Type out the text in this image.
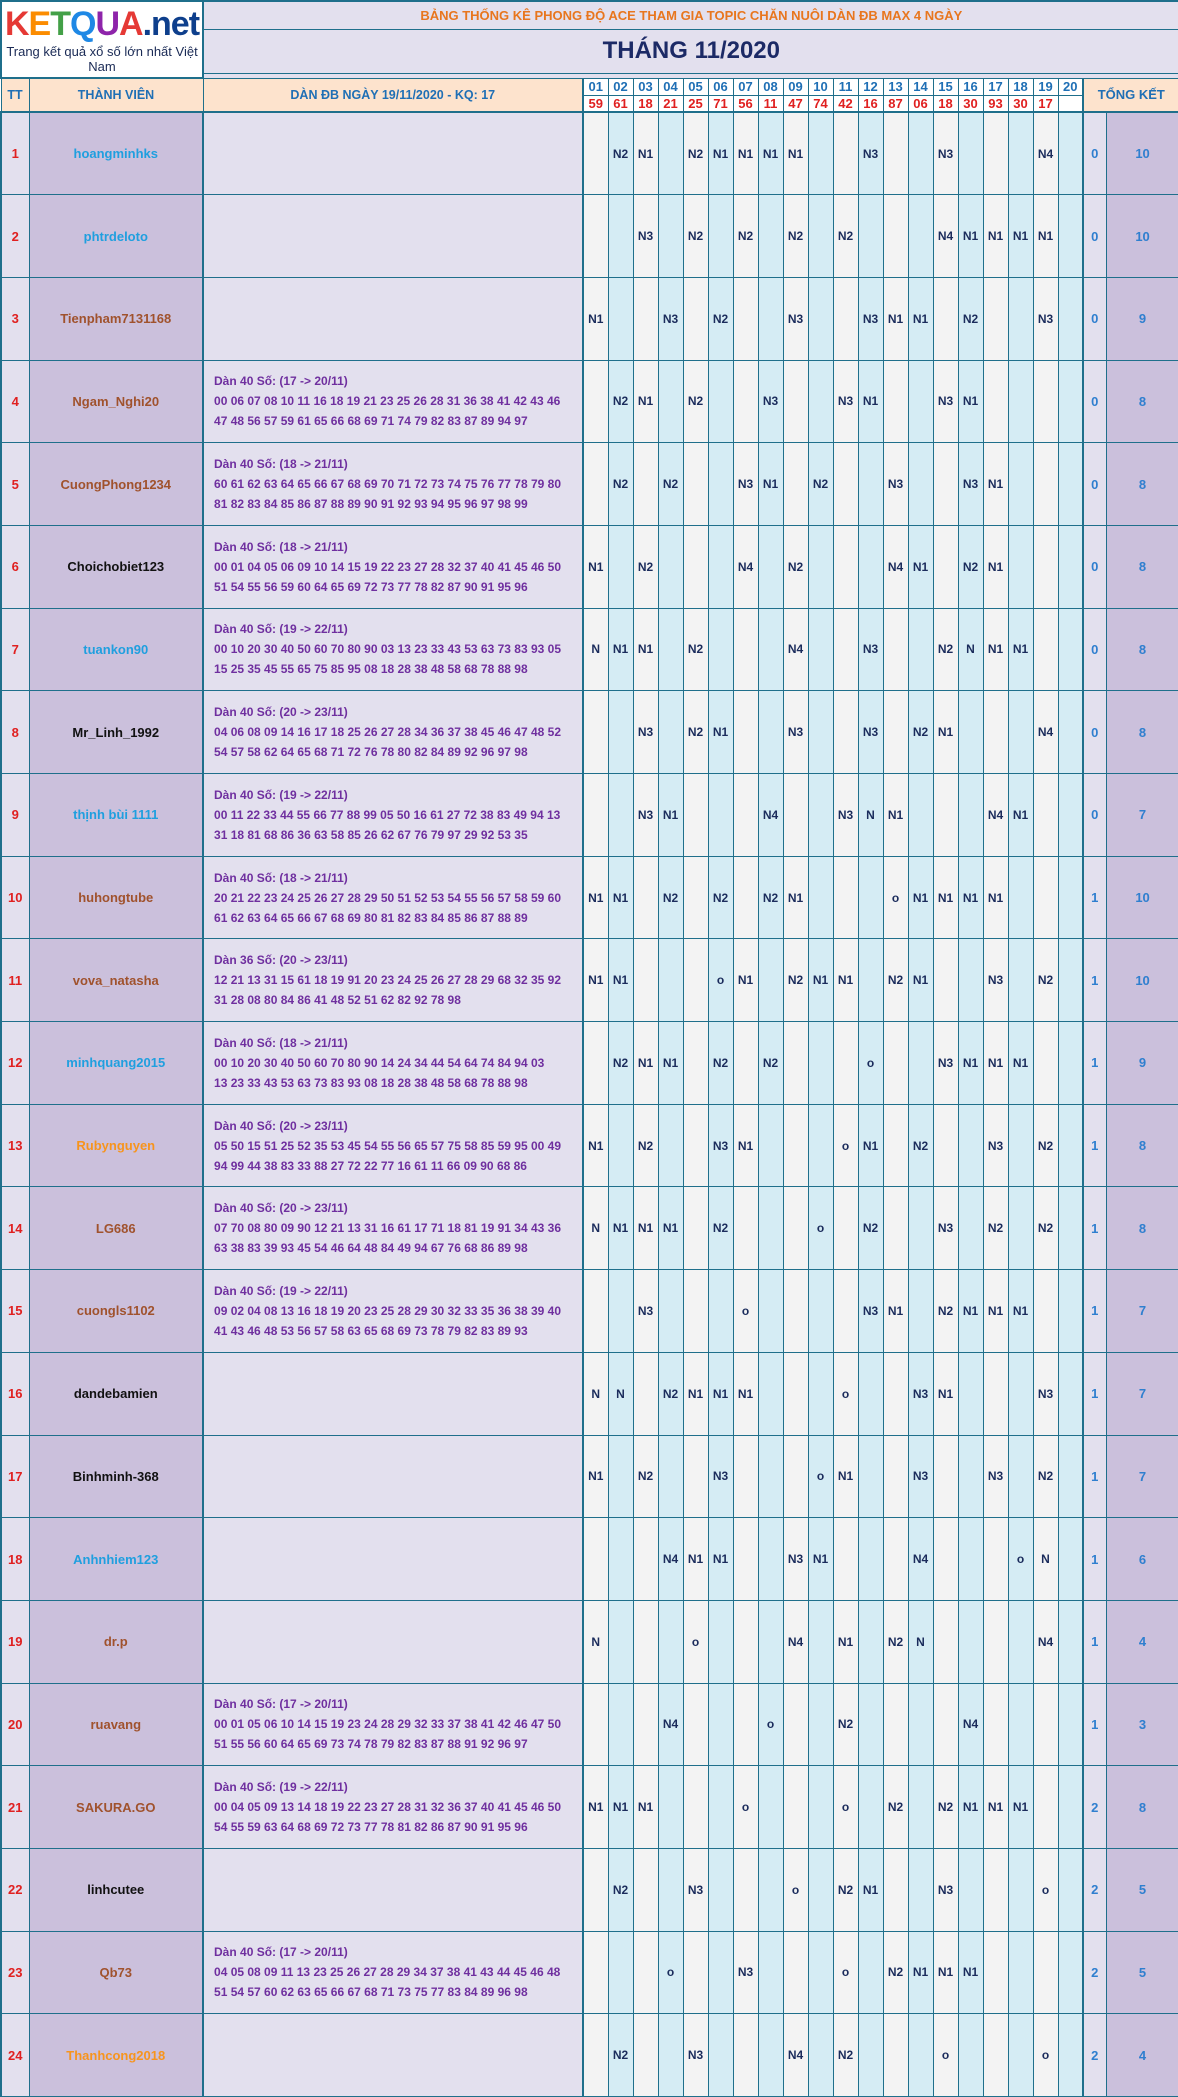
KETQUA.net
Trang kết quả xổ số lớn nhất Việt Nam		BẢNG THỐNG KÊ PHONG ĐỘ ACE THAM GIA TOPIC CHĂN NUÔI DÀN ĐB MAX 4 NGÀY																						
		THÁNG 11/2020																						

TT	THÀNH VIÊN	DÀN ĐB NGÀY 19/11/2020 - KQ: 17	01	02	03	04	05	06	07	08	09	10	11	12	13	14	15	16	17	18	19	20	TỔNG KẾT	
			59	61	18	21	25	71	56	11	47	74	42	16	87	06	18	30	93	30	17			
1	hoangminhks			N2	N1		N2	N1	N1	N1	N1			N3			N3				N4		0	10
2	phtrdeloto				N3		N2		N2		N2		N2				N4	N1	N1	N1	N1		0	10
3	Tienpham7131168		N1			N3		N2			N3			N3	N1	N1		N2			N3		0	9
4	Ngam_Nghi20	Dàn 40 Số: (17 -> 20/11)
00 06 07 08 10 11 16 18 19 21 23 25 26 28 31 36 38 41 42 43 46
47 48 56 57 59 61 65 66 68 69 71 74 79 82 83 87 89 94 97		N2	N1		N2			N3			N3	N1			N3	N1					0	8
5	CuongPhong1234	Dàn 40 Số: (18 -> 21/11)
60 61 62 63 64 65 66 67 68 69 70 71 72 73 74 75 76 77 78 79 80
81 82 83 84 85 86 87 88 89 90 91 92 93 94 95 96 97 98 99		N2		N2			N3	N1		N2			N3			N3	N1				0	8
6	Choichobiet123	Dàn 40 Số: (18 -> 21/11)
00 01 04 05 06 09 10 14 15 19 22 23 27 28 32 37 40 41 45 46 50
51 54 55 56 59 60 64 65 69 72 73 77 78 82 87 90 91 95 96	N1		N2				N4		N2				N4	N1		N2	N1				0	8
7	tuankon90	Dàn 40 Số: (19 -> 22/11)
00 10 20 30 40 50 60 70 80 90 03 13 23 33 43 53 63 73 83 93 05
15 25 35 45 55 65 75 85 95 08 18 28 38 48 58 68 78 88 98	N	N1	N1		N2				N4			N3			N2	N	N1	N1			0	8
8	Mr_Linh_1992	Dàn 40 Số: (20 -> 23/11)
04 06 08 09 14 16 17 18 25 26 27 28 34 36 37 38 45 46 47 48 52
54 57 58 62 64 65 68 71 72 76 78 80 82 84 89 92 96 97 98			N3		N2	N1			N3			N3		N2	N1				N4		0	8
9	thịnh bùi 1111	Dàn 40 Số: (19 -> 22/11)
00 11 22 33 44 55 66 77 88 99 05 50 16 61 27 72 38 83 49 94 13
31 18 81 68 86 36 63 58 85 26 62 67 76 79 97 29 92 53 35			N3	N1				N4			N3	N	N1				N4	N1			0	7
10	huhongtube	Dàn 40 Số: (18 -> 21/11)
20 21 22 23 24 25 26 27 28 29 50 51 52 53 54 55 56 57 58 59 60
61 62 63 64 65 66 67 68 69 80 81 82 83 84 85 86 87 88 89	N1	N1		N2		N2		N2	N1				o	N1	N1	N1	N1				1	10
11	vova_natasha	Dàn 36 Số: (20 -> 23/11)
12 21 13 31 15 61 18 19 91 20 23 24 25 26 27 28 29 68 32 35 92
31 28 08 80 84 86 41 48 52 51 62 82 92 78 98	N1	N1				o	N1		N2	N1	N1		N2	N1			N3		N2		1	10
12	minhquang2015	Dàn 40 Số: (18 -> 21/11)
00 10 20 30 40 50 60 70 80 90 14 24 34 44 54 64 74 84 94 03
13 23 33 43 53 63 73 83 93 08 18 28 38 48 58 68 78 88 98		N2	N1	N1		N2		N2				o			N3	N1	N1	N1			1	9
13	Rubynguyen	Dàn 40 Số: (20 -> 23/11)
05 50 15 51 25 52 35 53 45 54 55 56 65 57 75 58 85 59 95 00 49
94 99 44 38 83 33 88 27 72 22 77 16 61 11 66 09 90 68 86	N1		N2			N3	N1				o	N1		N2			N3		N2		1	8
14	LG686	Dàn 40 Số: (20 -> 23/11)
07 70 08 80 09 90 12 21 13 31 16 61 17 71 18 81 19 91 34 43 36
63 38 83 39 93 45 54 46 64 48 84 49 94 67 76 68 86 89 98	N	N1	N1	N1		N2				o		N2			N3		N2		N2		1	8
15	cuongls1102	Dàn 40 Số: (19 -> 22/11)
09 02 04 08 13 16 18 19 20 23 25 28 29 30 32 33 35 36 38 39 40
41 43 46 48 53 56 57 58 63 65 68 69 73 78 79 82 83 89 93			N3				o					N3	N1		N2	N1	N1	N1			1	7
16	dandebamien		N	N		N2	N1	N1	N1				o			N3	N1				N3		1	7
17	Binhminh-368		N1		N2			N3				o	N1			N3			N3		N2		1	7
18	Anhnhiem123					N4	N1	N1			N3	N1				N4				o	N		1	6
19	dr.p		N				o				N4		N1		N2	N					N4		1	4
20	ruavang	Dàn 40 Số: (17 -> 20/11)
00 01 05 06 10 14 15 19 23 24 28 29 32 33 37 38 41 42 46 47 50
51 55 56 60 64 65 69 73 74 78 79 82 83 87 88 91 92 96 97				N4				o			N2					N4					1	3
21	SAKURA.GO	Dàn 40 Số: (19 -> 22/11)
00 04 05 09 13 14 18 19 22 23 27 28 31 32 36 37 40 41 45 46 50
54 55 59 63 64 68 69 72 73 77 78 81 82 86 87 90 91 95 96	N1	N1	N1				o				o		N2		N2	N1	N1	N1			2	8
22	linhcutee			N2			N3				o		N2	N1			N3				o		2	5
23	Qb73	Dàn 40 Số: (17 -> 20/11)
04 05 08 09 11 13 23 25 26 27 28 29 34 37 38 41 43 44 45 46 48
51 54 57 60 62 63 65 66 67 68 71 73 75 77 83 84 89 96 98				o			N3				o		N2	N1	N1	N1					2	5
24	Thanhcong2018			N2			N3				N4		N2				o				o		2	4
